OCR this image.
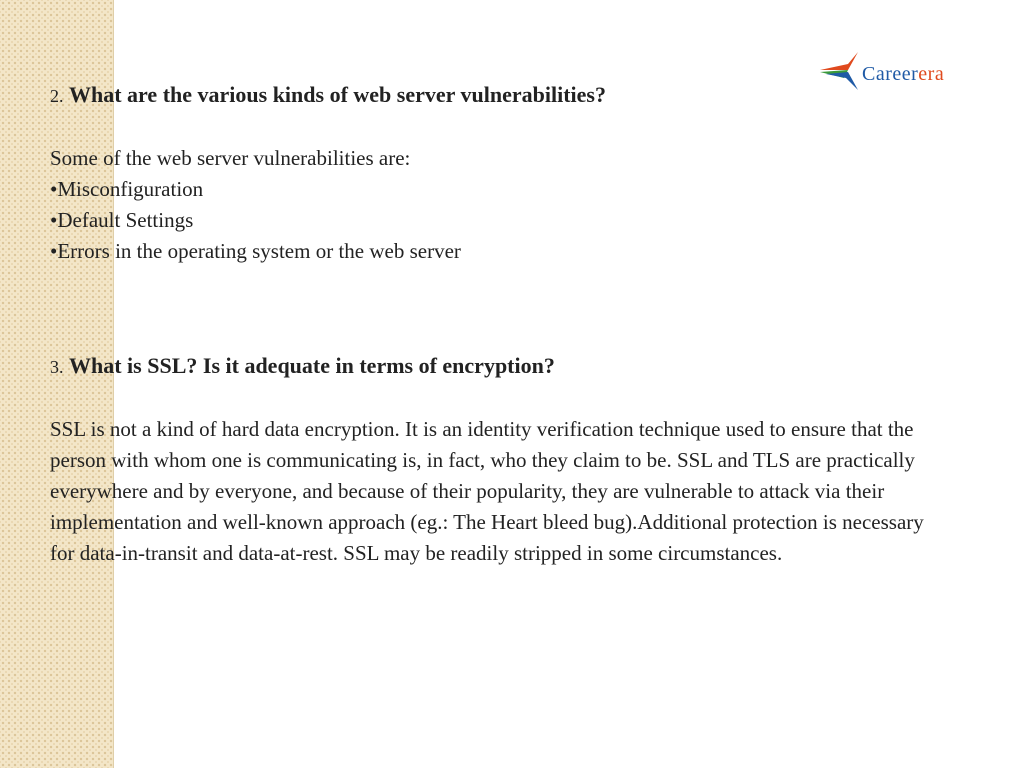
Careerera
2. What are the various kinds of web server vulnerabilities?

Some of the web server vulnerabilities are:

•Misconfiguration
•Default Settings
•Errors in the operating system or the web server
3. What is SSL? Is it adequate in terms of encryption?

SSL is not a kind of hard data encryption. It is an identity verification technique used to ensure that the person with whom one is communicating is, in fact, who they claim to be. SSL and TLS are practically everywhere and by everyone, and because of their popularity, they are vulnerable to attack via their implementation and well-known approach (eg.: The Heart bleed bug).Additional protection is necessary for data-in-transit and data-at-rest. SSL may be readily stripped in some circumstances.
